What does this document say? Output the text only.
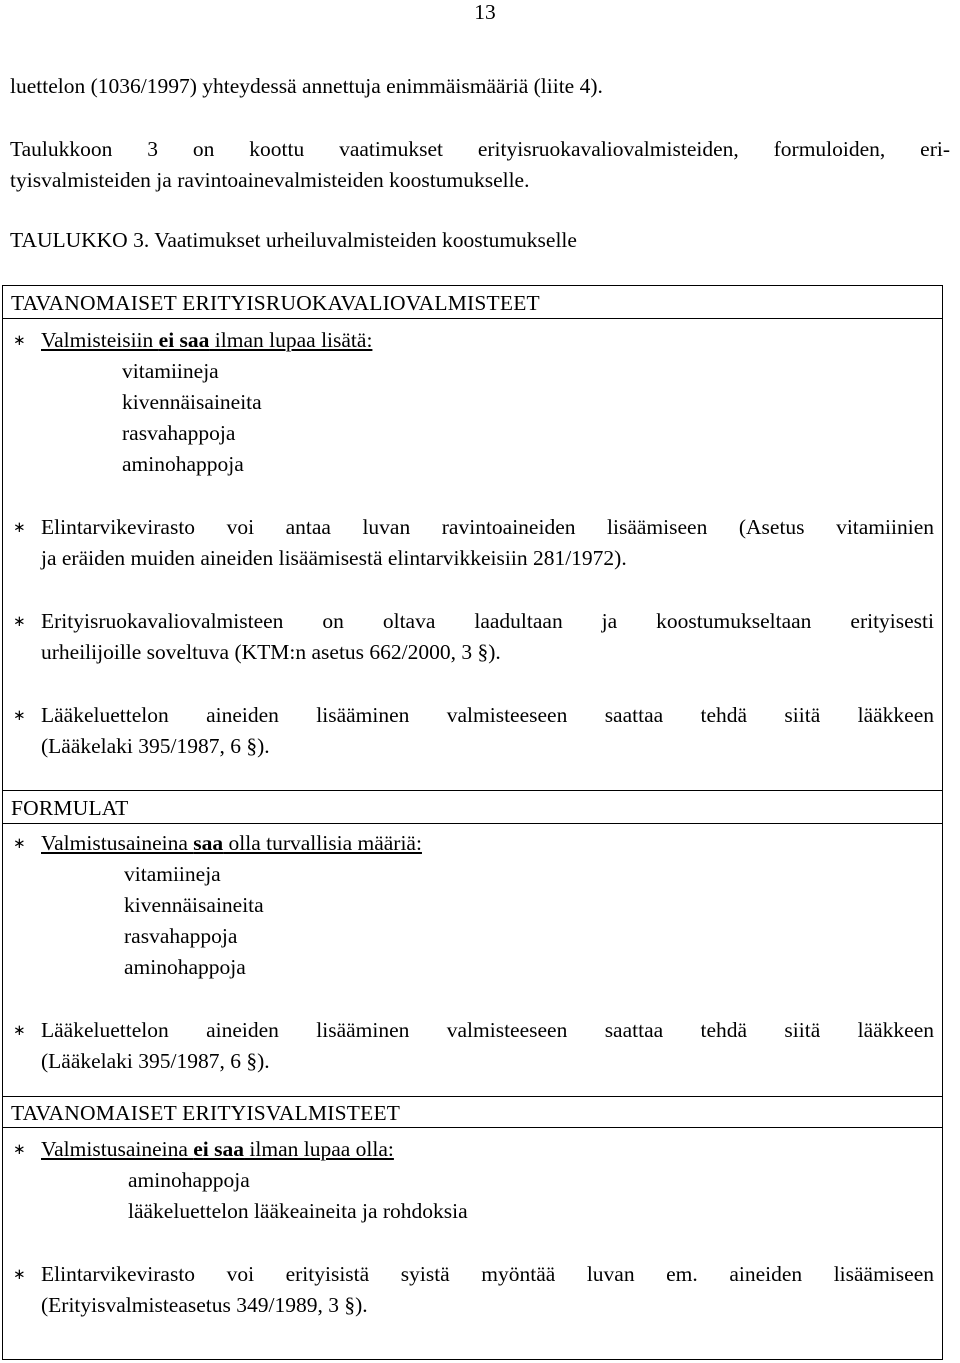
13

luettelon (1036/1997) yhteydessä annettuja enimmäismääriä (liite 4).

Taulukkoon 3 on koottu vaatimukset erityisruokavaliovalmisteiden, formuloiden, eri-

tyisvalmisteiden ja ravintoainevalmisteiden koostumukselle.

TAULUKKO 3. Vaatimukset urheiluvalmisteiden koostumukselle

TAVANOMAISET ERITYISRUOKAVALIOVALMISTEET
∗ Valmisteisiin ei saa ilman lupaa lisätä:
vitamiineja
kivennäisaineita
rasvahappoja
aminohappoja
∗ Elintarvikevirasto voi antaa luvan ravintoaineiden lisäämiseen (Asetus vitamiinien
ja eräiden muiden aineiden lisäämisestä elintarvikkeisiin 281/1972).
∗ Erityisruokavaliovalmisteen on oltava laadultaan ja koostumukseltaan erityisesti
urheilijoille soveltuva (KTM:n asetus 662/2000, 3 §).
∗ Lääkeluettelon aineiden lisääminen valmisteeseen saattaa tehdä siitä lääkkeen
(Lääkelaki 395/1987, 6 §).
FORMULAT
∗ Valmistusaineina saa olla turvallisia määriä:
vitamiineja
kivennäisaineita
rasvahappoja
aminohappoja
∗ Lääkeluettelon aineiden lisääminen valmisteeseen saattaa tehdä siitä lääkkeen
(Lääkelaki 395/1987, 6 §).
TAVANOMAISET ERITYISVALMISTEET
∗ Valmistusaineina ei saa ilman lupaa olla:
aminohappoja
lääkeluettelon lääkeaineita ja rohdoksia
∗ Elintarvikevirasto voi erityisistä syistä myöntää luvan em. aineiden lisäämiseen
(Erityisvalmisteasetus 349/1989, 3 §).
